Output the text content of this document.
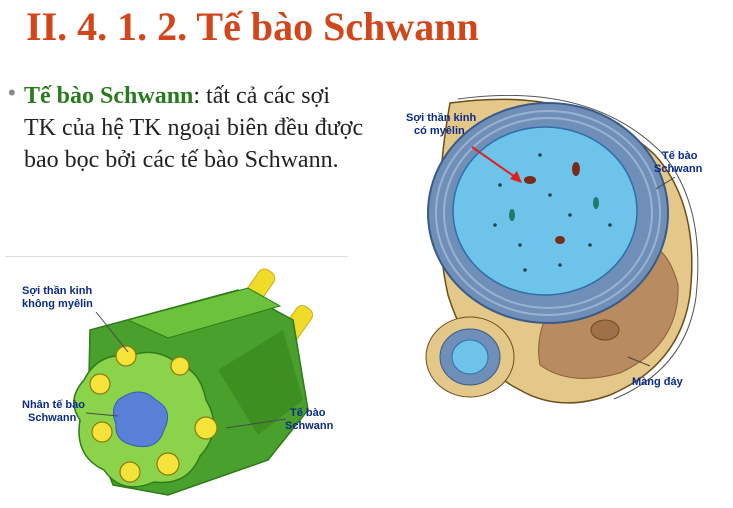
II. 4. 1. 2. Tế bào Schwann
• Tế bào Schwann: tất cả các sợi TK của hệ TK ngoại biên đều được bao bọc bởi các tế bào Schwann.
Sợi thần kinh
không myêlin
Nhân tế bào
Schwann	Tế bào
Schwann
Sợi thần kinh
có myêlin
Tế bào
Schwann
Màng đáy
